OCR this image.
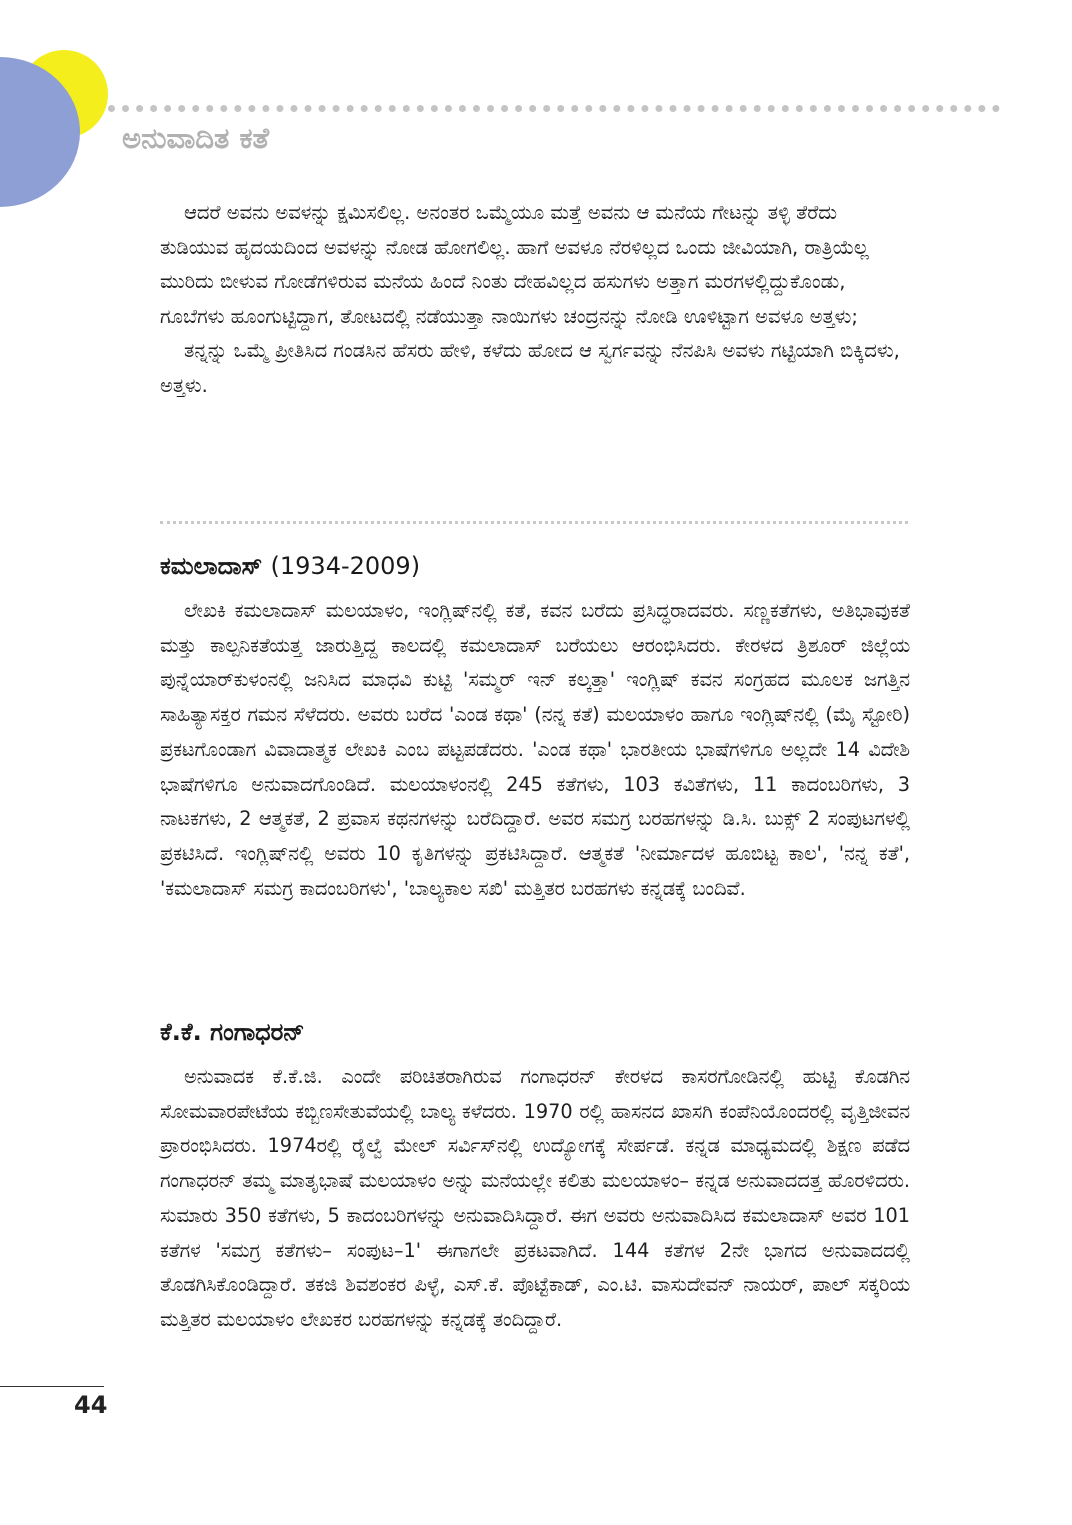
ಅನುವಾದಿತ ಕತೆ

ಆದರೆ ಅವನು ಅವಳನ್ನು ಕ್ಷಮಿಸಲಿಲ್ಲ. ಅನಂತರ ಒಮ್ಮೆಯೂ ಮತ್ತೆ ಅವನು ಆ ಮನೆಯ ಗೇಟನ್ನು ತಳ್ಳಿ ತೆರೆದು ತುಡಿಯುವ ಹೃದಯದಿಂದ ಅವಳನ್ನು ನೋಡ ಹೋಗಲಿಲ್ಲ. ಹಾಗೆ ಅವಳೂ ನೆರಳಿಲ್ಲದ ಒಂದು ಜೀವಿಯಾಗಿ, ರಾತ್ರಿಯೆಲ್ಲ ಮುರಿದು ಬೀಳುವ ಗೋಡೆಗಳಿರುವ ಮನೆಯ ಹಿಂದೆ ನಿಂತು ದೇಹವಿಲ್ಲದ ಹಸುಗಳು ಅತ್ತಾಗ ಮರಗಳಲ್ಲಿದ್ದುಕೊಂಡು, ಗೂಬೆಗಳು ಹೂಂಗುಟ್ಟಿದ್ದಾಗ, ತೋಟದಲ್ಲಿ ನಡೆಯುತ್ತಾ ನಾಯಿಗಳು ಚಂದ್ರನನ್ನು ನೋಡಿ ಊಳಿಟ್ಟಾಗ ಅವಳೂ ಅತ್ತಳು;

ತನ್ನನ್ನು ಒಮ್ಮೆ ಪ್ರೀತಿಸಿದ ಗಂಡಸಿನ ಹೆಸರು ಹೇಳಿ, ಕಳೆದು ಹೋದ ಆ ಸ್ವರ್ಗವನ್ನು ನೆನಪಿಸಿ ಅವಳು ಗಟ್ಟಿಯಾಗಿ ಬಿಕ್ಕಿದಳು, ಅತ್ತಳು.

ಕಮಲಾದಾಸ್ (1934-2009)

ಲೇಖಕಿ ಕಮಲಾದಾಸ್ ಮಲಯಾಳಂ, ಇಂಗ್ಲಿಷ್‌ನಲ್ಲಿ ಕತೆ, ಕವನ ಬರೆದು ಪ್ರಸಿದ್ಧರಾದವರು. ಸಣ್ಣಕತೆಗಳು, ಅತಿಭಾವುಕತೆ ಮತ್ತು ಕಾಲ್ಪನಿಕತೆಯತ್ತ ಜಾರುತ್ತಿದ್ದ ಕಾಲದಲ್ಲಿ ಕಮಲಾದಾಸ್ ಬರೆಯಲು ಆರಂಭಿಸಿದರು. ಕೇರಳದ ತ್ರಿಶೂರ್ ಜಿಲ್ಲೆಯ ಪುನ್ನೆಯಾರ್‌ಕುಳಂನಲ್ಲಿ ಜನಿಸಿದ ಮಾಧವಿ ಕುಟ್ಟಿ 'ಸಮ್ಮರ್ ಇನ್ ಕಲ್ಕತ್ತಾ' ಇಂಗ್ಲಿಷ್ ಕವನ ಸಂಗ್ರಹದ ಮೂಲಕ ಜಗತ್ತಿನ ಸಾಹಿತ್ಯಾಸಕ್ತರ ಗಮನ ಸೆಳೆದರು. ಅವರು ಬರೆದ 'ಎಂಡ ಕಥಾ' (ನನ್ನ ಕತೆ) ಮಲಯಾಳಂ ಹಾಗೂ ಇಂಗ್ಲಿಷ್‌ನಲ್ಲಿ (ಮೈ ಸ್ಟೋರಿ) ಪ್ರಕಟಗೊಂಡಾಗ ವಿವಾದಾತ್ಮಕ ಲೇಖಕಿ ಎಂಬ ಪಟ್ಟಪಡೆದರು. 'ಎಂಡ ಕಥಾ' ಭಾರತೀಯ ಭಾಷೆಗಳಿಗೂ ಅಲ್ಲದೇ 14 ವಿದೇಶಿ ಭಾಷೆಗಳಿಗೂ ಅನುವಾದಗೊಂಡಿದೆ. ಮಲಯಾಳಂನಲ್ಲಿ 245 ಕತೆಗಳು, 103 ಕವಿತೆಗಳು, 11 ಕಾದಂಬರಿಗಳು, 3 ನಾಟಕಗಳು, 2 ಆತ್ಮಕತೆ, 2 ಪ್ರವಾಸ ಕಥನಗಳನ್ನು ಬರೆದಿದ್ದಾರೆ. ಅವರ ಸಮಗ್ರ ಬರಹಗಳನ್ನು ಡಿ.ಸಿ. ಬುಕ್ಸ್ 2 ಸಂಪುಟಗಳಲ್ಲಿ ಪ್ರಕಟಿಸಿದೆ. ಇಂಗ್ಲಿಷ್‌ನಲ್ಲಿ ಅವರು 10 ಕೃತಿಗಳನ್ನು ಪ್ರಕಟಿಸಿದ್ದಾರೆ. ಆತ್ಮಕತೆ 'ನೀರ್ಮಾದಳ ಹೂಬಿಟ್ಟ ಕಾಲ', 'ನನ್ನ ಕತೆ', 'ಕಮಲಾದಾಸ್ ಸಮಗ್ರ ಕಾದಂಬರಿಗಳು', 'ಬಾಲ್ಯಕಾಲ ಸಖಿ' ಮತ್ತಿತರ ಬರಹಗಳು ಕನ್ನಡಕ್ಕೆ ಬಂದಿವೆ.

ಕೆ.ಕೆ. ಗಂಗಾಧರನ್

ಅನುವಾದಕ ಕೆ.ಕೆ.ಜಿ. ಎಂದೇ ಪರಿಚಿತರಾಗಿರುವ ಗಂಗಾಧರನ್ ಕೇರಳದ ಕಾಸರಗೋಡಿನಲ್ಲಿ ಹುಟ್ಟಿ ಕೊಡಗಿನ ಸೋಮವಾರಪೇಟೆಯ ಕಬ್ಬಿಣಸೇತುವೆಯಲ್ಲಿ ಬಾಲ್ಯ ಕಳೆದರು. 1970 ರಲ್ಲಿ ಹಾಸನದ ಖಾಸಗಿ ಕಂಪೆನಿಯೊಂದರಲ್ಲಿ ವೃತ್ತಿಜೀವನ ಪ್ರಾರಂಭಿಸಿದರು. 1974ರಲ್ಲಿ ರೈಲ್ವೆ ಮೇಲ್ ಸರ್ವಿಸ್‌ನಲ್ಲಿ ಉದ್ಯೋಗಕ್ಕೆ ಸೇರ್ಪಡೆ. ಕನ್ನಡ ಮಾಧ್ಯಮದಲ್ಲಿ ಶಿಕ್ಷಣ ಪಡೆದ ಗಂಗಾಧರನ್ ತಮ್ಮ ಮಾತೃಭಾಷೆ ಮಲಯಾಳಂ ಅನ್ನು ಮನೆಯಲ್ಲೇ ಕಲಿತು ಮಲಯಾಳಂ– ಕನ್ನಡ ಅನುವಾದದತ್ತ ಹೊರಳಿದರು. ಸುಮಾರು 350 ಕತೆಗಳು, 5 ಕಾದಂಬರಿಗಳನ್ನು ಅನುವಾದಿಸಿದ್ದಾರೆ. ಈಗ ಅವರು ಅನುವಾದಿಸಿದ ಕಮಲಾದಾಸ್ ಅವರ 101 ಕತೆಗಳ 'ಸಮಗ್ರ ಕತೆಗಳು– ಸಂಪುಟ–1' ಈಗಾಗಲೇ ಪ್ರಕಟವಾಗಿದೆ. 144 ಕತೆಗಳ 2ನೇ ಭಾಗದ ಅನುವಾದದಲ್ಲಿ ತೊಡಗಿಸಿಕೊಂಡಿದ್ದಾರೆ. ತಕಜಿ ಶಿವಶಂಕರ ಪಿಳ್ಳೆ, ಎಸ್.ಕೆ. ಪೊಟ್ಟೆಕಾಡ್, ಎಂ.ಟಿ. ವಾಸುದೇವನ್ ನಾಯರ್, ಪಾಲ್ ಸಕ್ಕರಿಯ ಮತ್ತಿತರ ಮಲಯಾಳಂ ಲೇಖಕರ ಬರಹಗಳನ್ನು ಕನ್ನಡಕ್ಕೆ ತಂದಿದ್ದಾರೆ.

44
